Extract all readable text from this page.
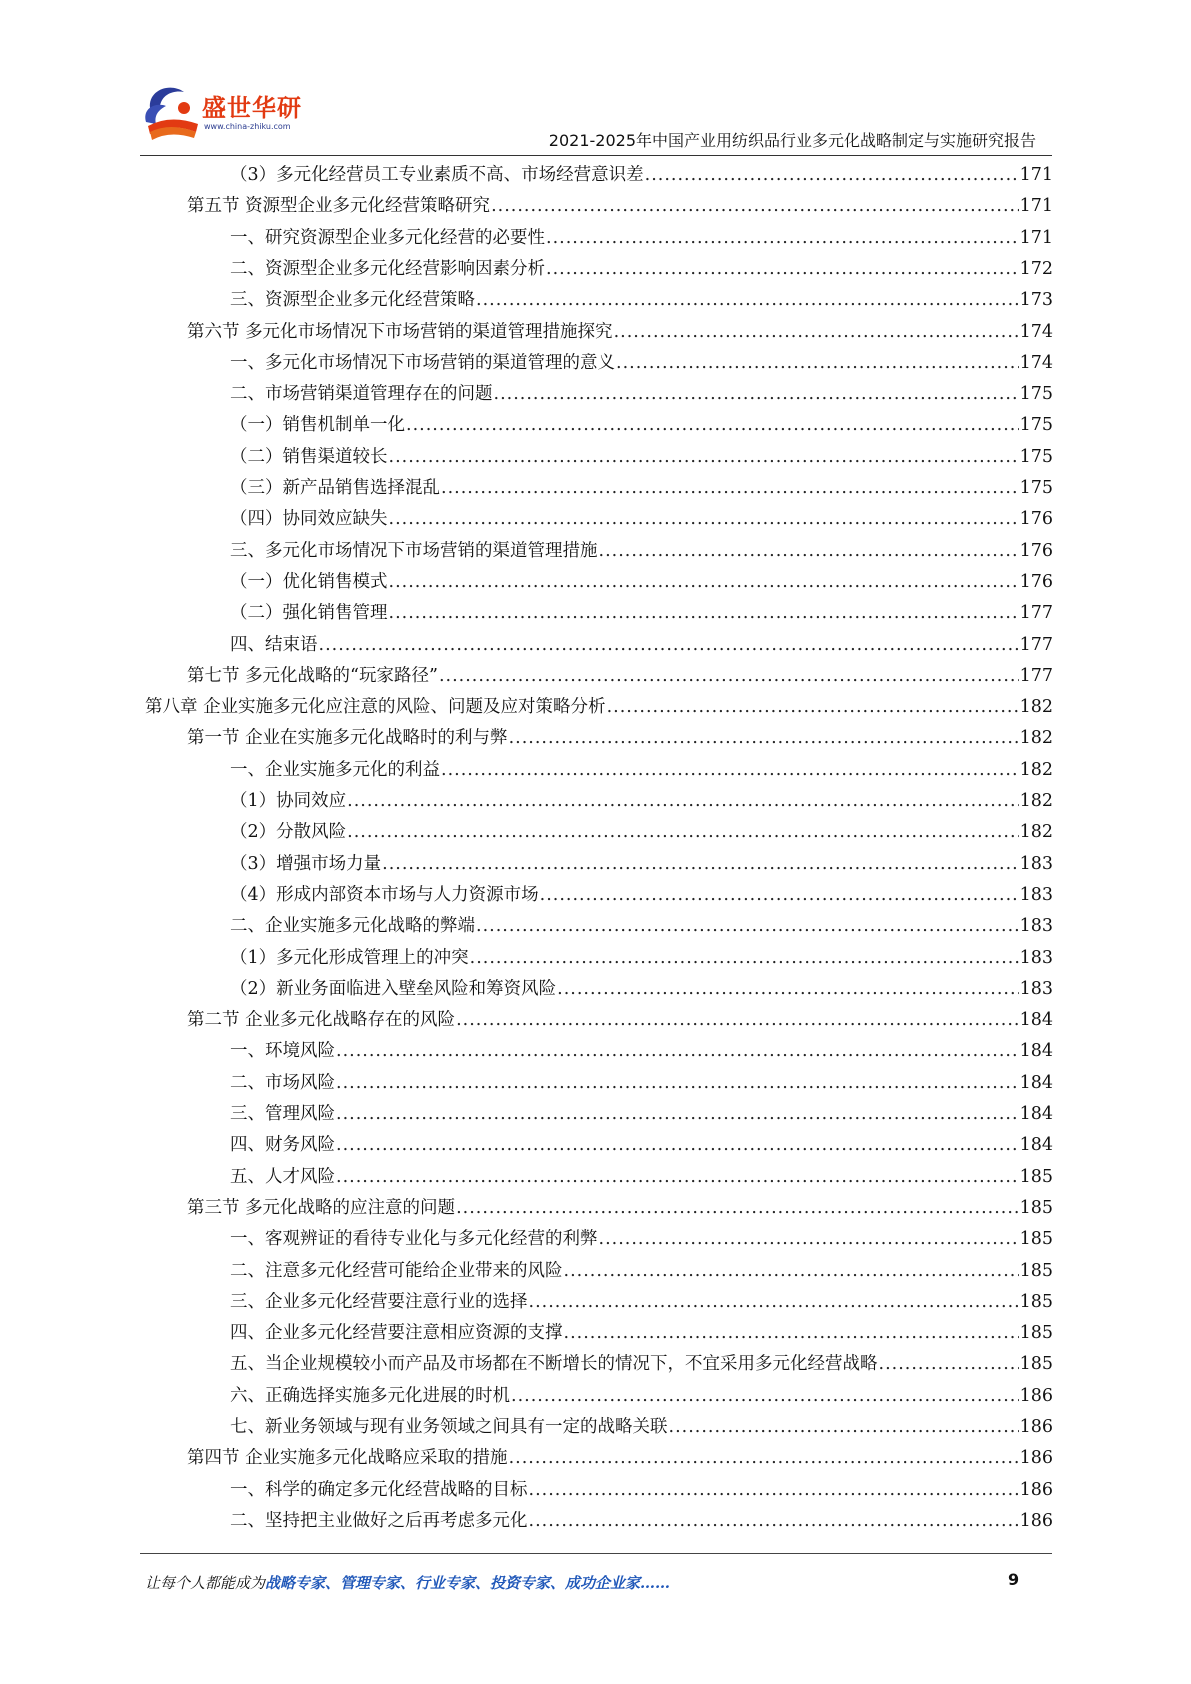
盛世华研
www.china-zhiku.com
2021-2025年中国产业用纺织品行业多元化战略制定与实施研究报告
（3）多元化经营员工专业素质不高、市场经营意识差 .....	171
第五节 资源型企业多元化经营策略研究 .....	171
一、研究资源型企业多元化经营的必要性 .....	171
二、资源型企业多元化经营影响因素分析 .....	172
三、资源型企业多元化经营策略 .....	173
第六节 多元化市场情况下市场营销的渠道管理措施探究 .....	174
一、多元化市场情况下市场营销的渠道管理的意义 .....	174
二、市场营销渠道管理存在的问题 .....	175
（一）销售机制单一化 .....	175
（二）销售渠道较长 .....	175
（三）新产品销售选择混乱 .....	175
（四）协同效应缺失 .....	176
三、多元化市场情况下市场营销的渠道管理措施 .....	176
（一）优化销售模式 .....	176
（二）强化销售管理 .....	177
四、结束语 .....	177
第七节 多元化战略的“玩家路径” .....	177
第八章 企业实施多元化应注意的风险、问题及应对策略分析 .....	182
第一节 企业在实施多元化战略时的利与弊 .....	182
一、企业实施多元化的利益 .....	182
（1）协同效应 .....	182
（2）分散风险 .....	182
（3）增强市场力量 .....	183
（4）形成内部资本市场与人力资源市场 .....	183
二、企业实施多元化战略的弊端 .....	183
（1）多元化形成管理上的冲突 .....	183
（2）新业务面临进入壁垒风险和筹资风险 .....	183
第二节 企业多元化战略存在的风险 .....	184
一、环境风险 .....	184
二、市场风险 .....	184
三、管理风险 .....	184
四、财务风险 .....	184
五、人才风险 .....	185
第三节 多元化战略的应注意的问题 .....	185
一、客观辨证的看待专业化与多元化经营的利弊 .....	185
二、注意多元化经营可能给企业带来的风险 .....	185
三、企业多元化经营要注意行业的选择 .....	185
四、企业多元化经营要注意相应资源的支撑 .....	185
五、当企业规模较小而产品及市场都在不断增长的情况下，不宜采用多元化经营战略 .....	185
六、正确选择实施多元化进展的时机 .....	186
七、新业务领域与现有业务领域之间具有一定的战略关联 .....	186
第四节 企业实施多元化战略应采取的措施 .....	186
一、科学的确定多元化经营战略的目标 .....	186
二、坚持把主业做好之后再考虑多元化 .....	186
让每个人都能成为战略专家、管理专家、行业专家、投资专家、成功企业家……	9
